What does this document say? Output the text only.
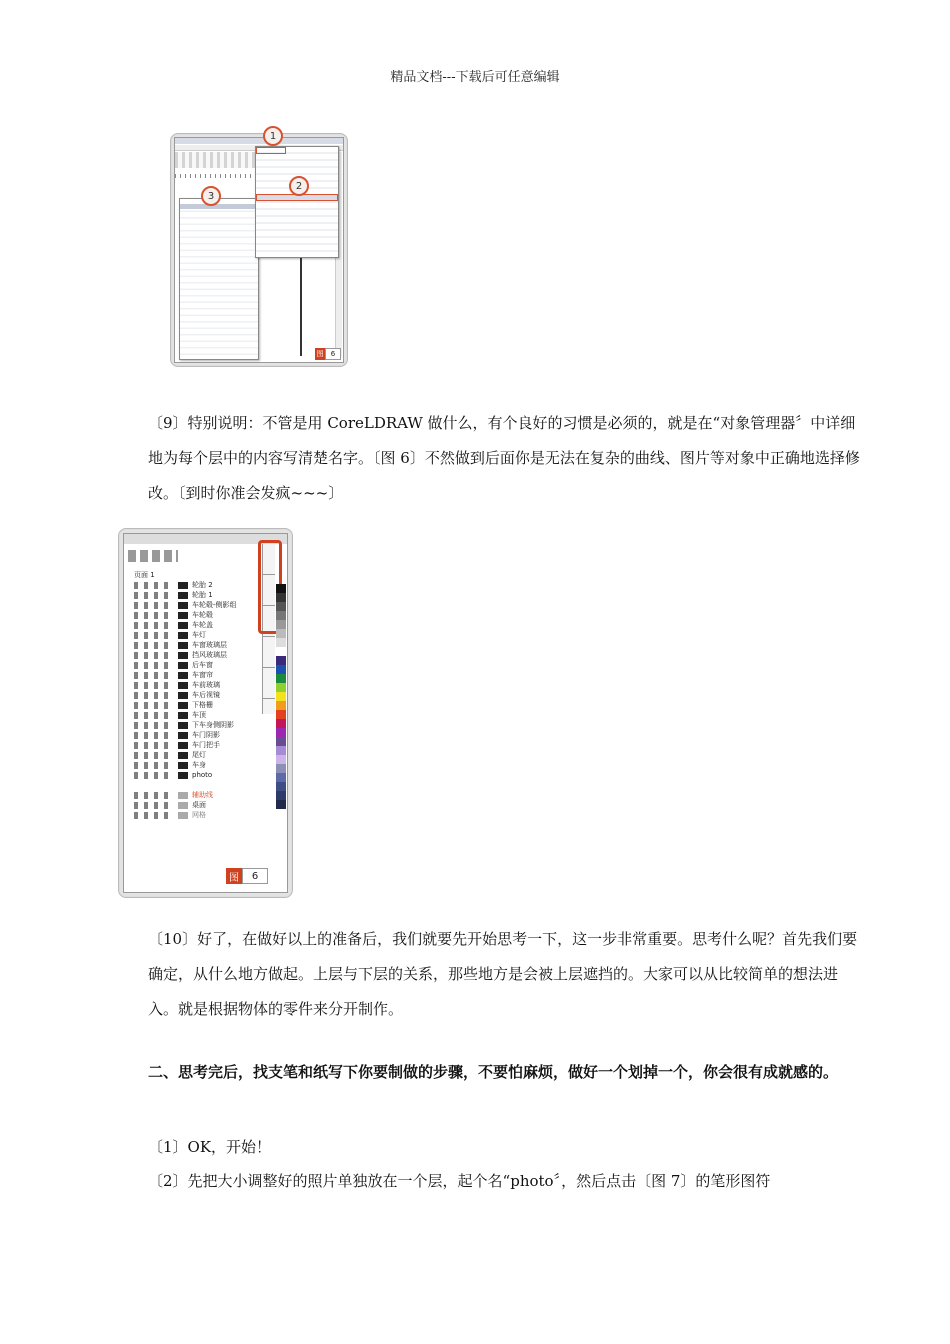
精品文档---下载后可任意编辑
1
2
3
图	6

〔9〕特别说明：不管是用 CoreLDRAW 做什么，有个良好的习惯是必须的，就是在“对象管理器〞中详细地为每个层中的内容写清楚名字。〔图 6〕不然做到后面你是无法在复杂的曲线、图片等对象中正确地选择修改。〔到时你准会发疯~~~〕

页面 1
轮胎 2
轮胎 1
车轮毂-侧影组
车轮毂
车轮盖
车灯
车窗玻璃层
挡风玻璃层
后车窗
车窗帘
车前玻璃
车后视镜
下格栅
车顶
下车身侧阴影
车门阴影
车门把手
尾灯
车身
photo
辅助线
桌面
网格
图	6

〔10〕好了，在做好以上的准备后，我们就要先开始思考一下，这一步非常重要。思考什么呢？首先我们要确定，从什么地方做起。上层与下层的关系，那些地方是会被上层遮挡的。大家可以从比较简单的想法进入。就是根据物体的零件来分开制作。

二、思考完后，找支笔和纸写下你要制做的步骤，不要怕麻烦，做好一个划掉一个，你会很有成就感的。

〔1〕OK，开始！
〔2〕先把大小调整好的照片单独放在一个层，起个名“photo〞，然后点击〔图 7〕的笔形图符
